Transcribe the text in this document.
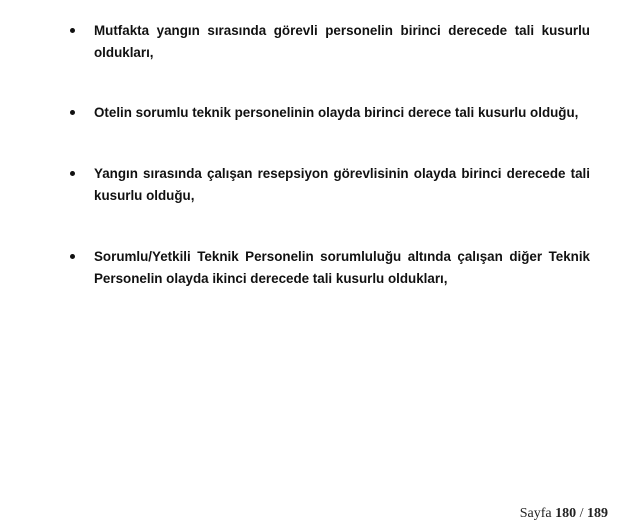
Mutfakta yangın sırasında görevli personelin birinci derecede tali kusurlu oldukları,
Otelin sorumlu teknik personelinin olayda birinci derece tali kusurlu olduğu,
Yangın sırasında çalışan resepsiyon görevlisinin olayda birinci derecede tali kusurlu olduğu,
Sorumlu/Yetkili Teknik Personelin sorumluluğu altında çalışan diğer Teknik Personelin olayda ikinci derecede tali kusurlu oldukları,
Sayfa 180 / 189
